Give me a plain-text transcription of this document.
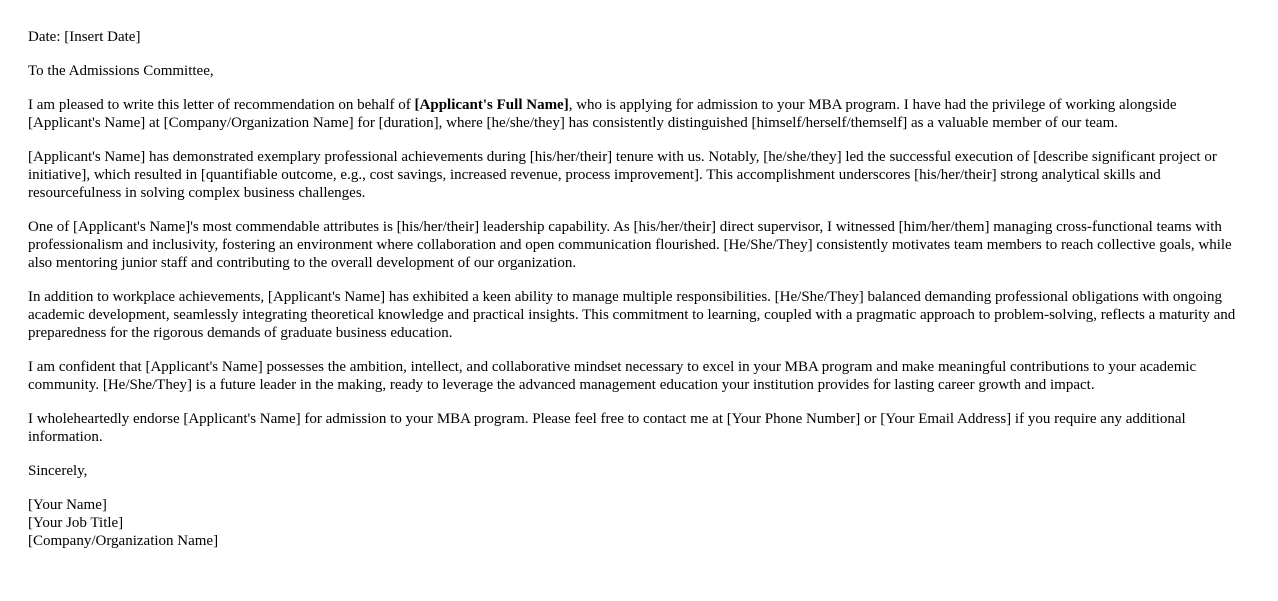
Date: [Insert Date]

To the Admissions Committee,

I am pleased to write this letter of recommendation on behalf of [Applicant's Full Name], who is applying for admission to your MBA program. I have had the privilege of working alongside [Applicant's Name] at [Company/Organization Name] for [duration], where [he/she/they] has consistently distinguished [himself/herself/themself] as a valuable member of our team.

[Applicant's Name] has demonstrated exemplary professional achievements during [his/her/their] tenure with us. Notably, [he/she/they] led the successful execution of [describe significant project or initiative], which resulted in [quantifiable outcome, e.g., cost savings, increased revenue, process improvement]. This accomplishment underscores [his/her/their] strong analytical skills and resourcefulness in solving complex business challenges.

One of [Applicant's Name]'s most commendable attributes is [his/her/their] leadership capability. As [his/her/their] direct supervisor, I witnessed [him/her/them] managing cross-functional teams with professionalism and inclusivity, fostering an environment where collaboration and open communication flourished. [He/She/They] consistently motivates team members to reach collective goals, while also mentoring junior staff and contributing to the overall development of our organization.

In addition to workplace achievements, [Applicant's Name] has exhibited a keen ability to manage multiple responsibilities. [He/She/They] balanced demanding professional obligations with ongoing academic development, seamlessly integrating theoretical knowledge and practical insights. This commitment to learning, coupled with a pragmatic approach to problem-solving, reflects a maturity and preparedness for the rigorous demands of graduate business education.

I am confident that [Applicant's Name] possesses the ambition, intellect, and collaborative mindset necessary to excel in your MBA program and make meaningful contributions to your academic community. [He/She/They] is a future leader in the making, ready to leverage the advanced management education your institution provides for lasting career growth and impact.

I wholeheartedly endorse [Applicant's Name] for admission to your MBA program. Please feel free to contact me at [Your Phone Number] or [Your Email Address] if you require any additional information.

Sincerely,

[Your Name]
[Your Job Title]
[Company/Organization Name]
